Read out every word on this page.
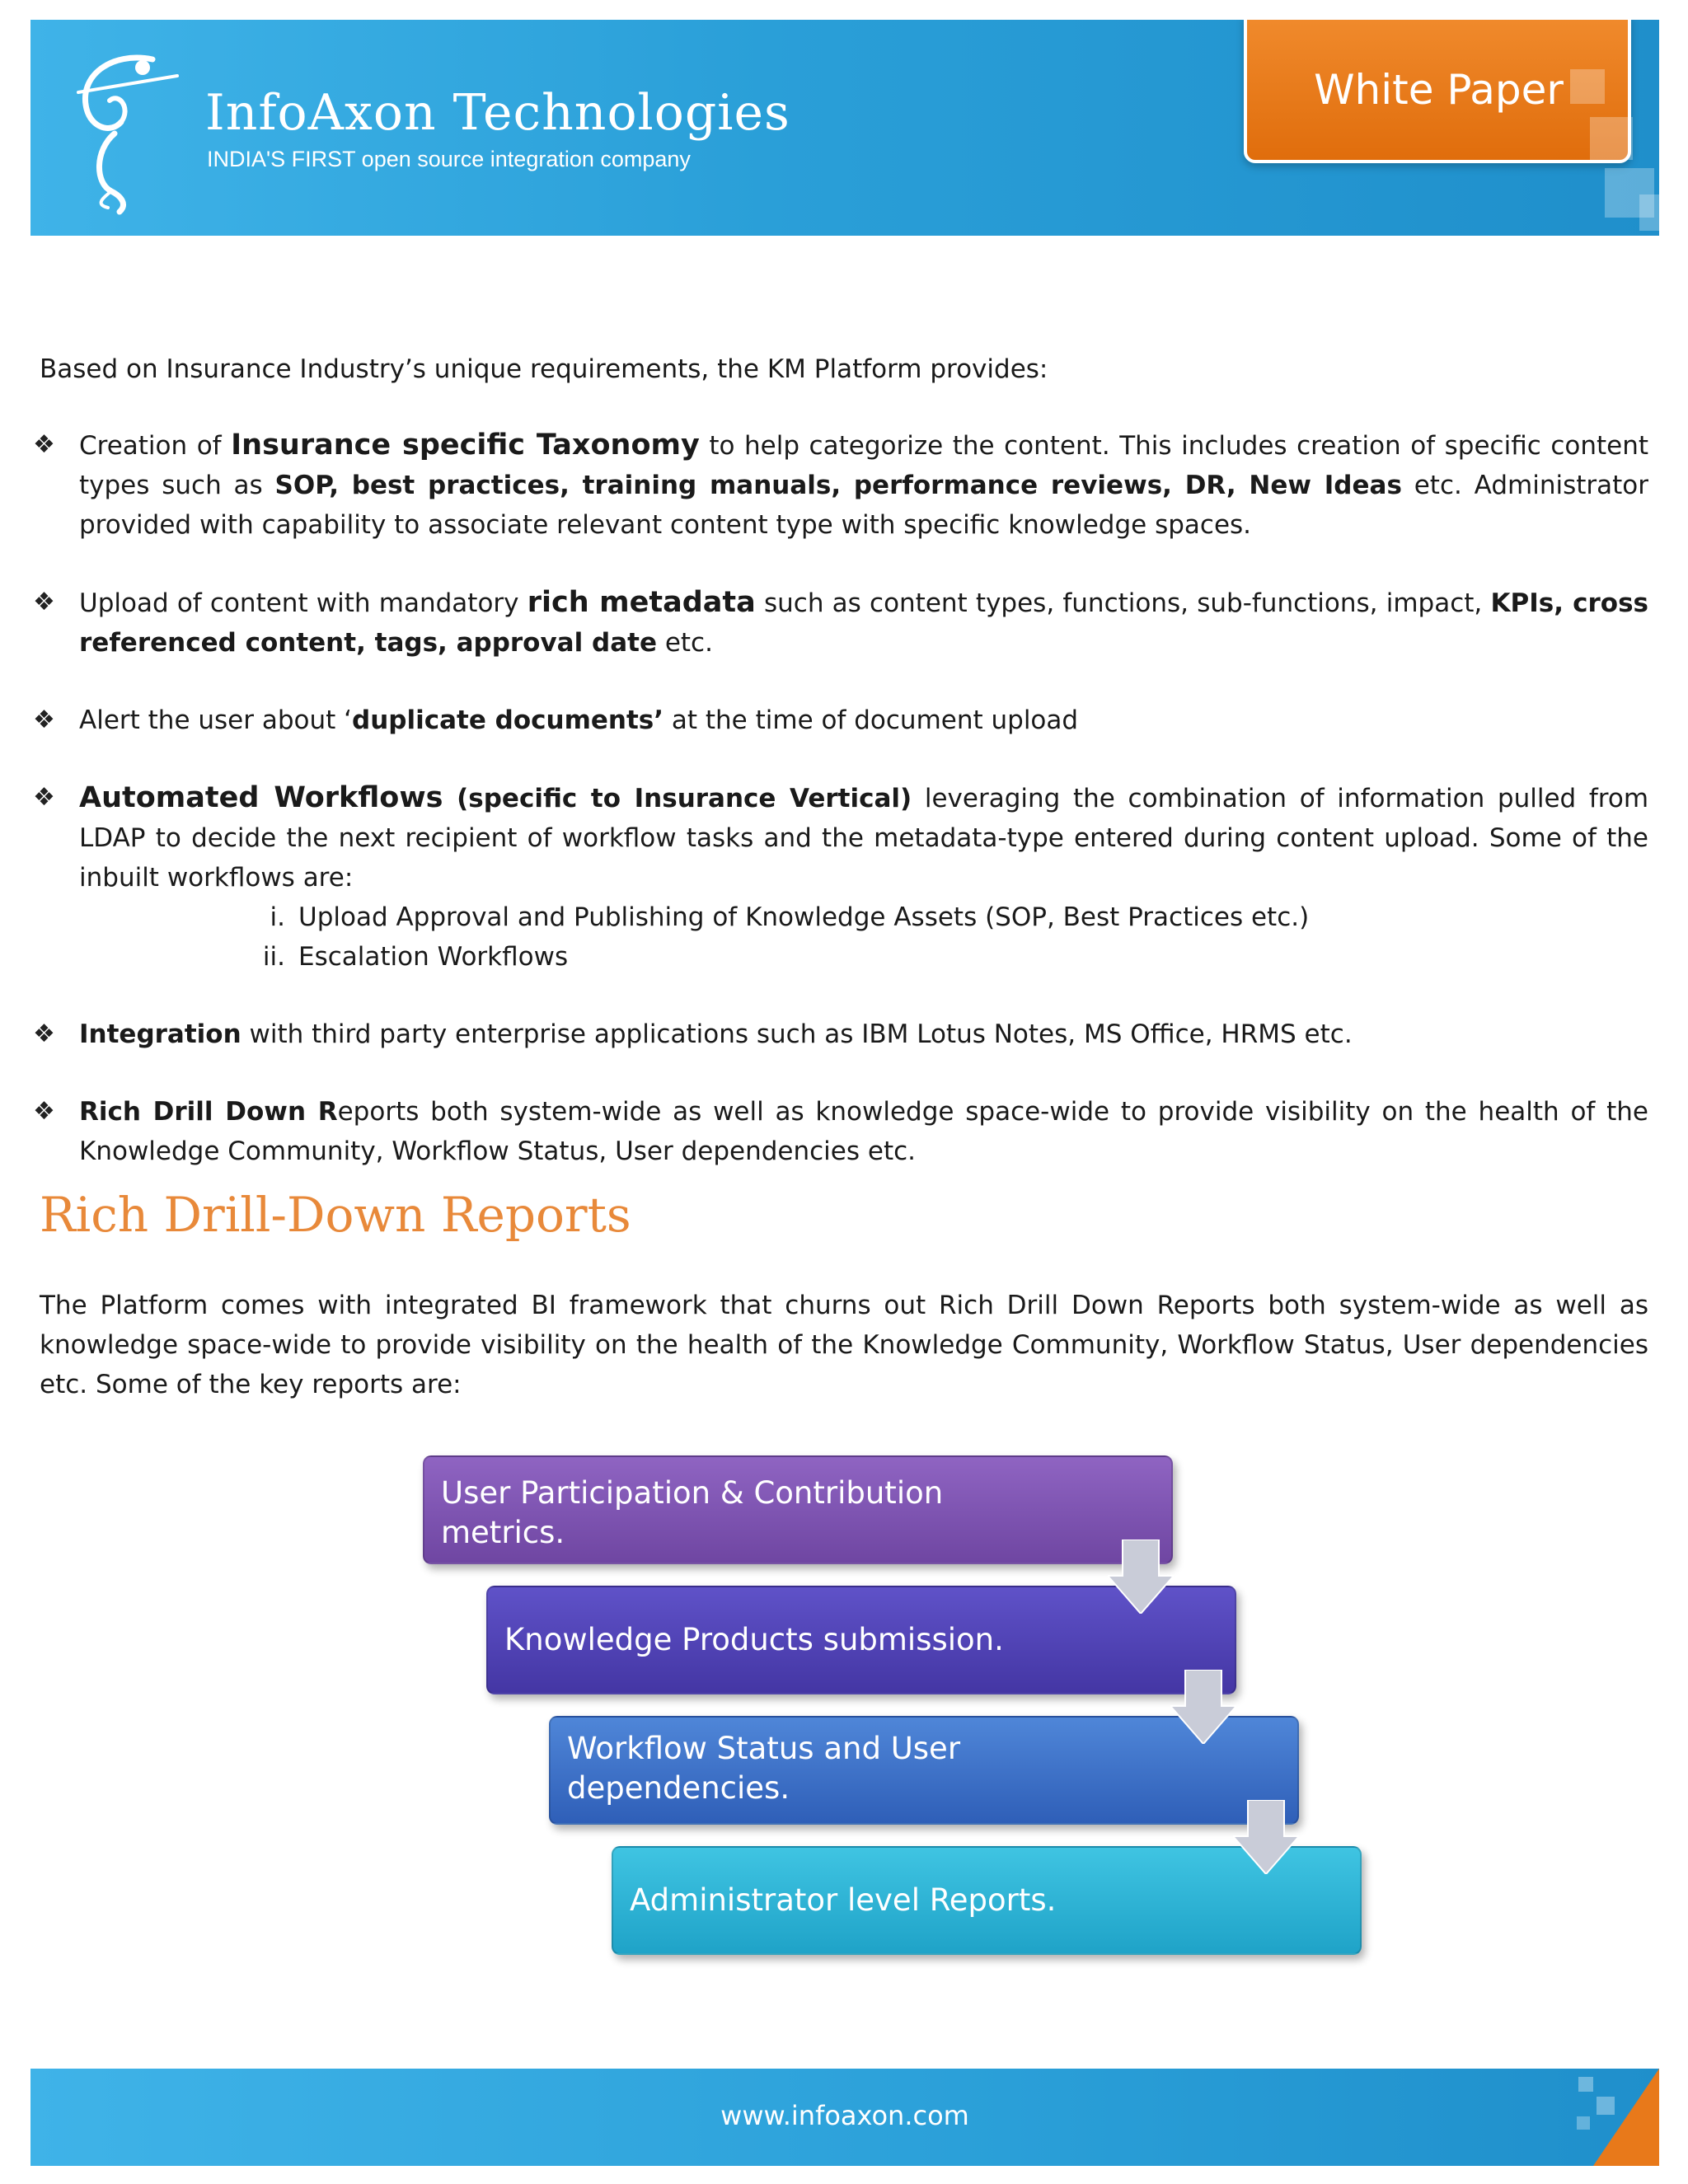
InfoAxon Technologies
INDIA'S FIRST open source integration company
White Paper

Based on Insurance Industry’s unique requirements, the KM Platform provides:

❖ Creation of Insurance specific Taxonomy to help categorize the content. This includes creation of specific content types such as SOP, best practices, training manuals, performance reviews, DR, New Ideas etc. Administrator provided with capability to associate relevant content type with specific knowledge spaces.
❖ Upload of content with mandatory rich metadata such as content types, functions, sub-functions, impact, KPIs, cross referenced content, tags, approval date etc.
❖ Alert the user about ‘duplicate documents’ at the time of document upload
❖ Automated Workflows (specific to Insurance Vertical) leveraging the combination of information pulled from LDAP to decide the next recipient of workflow tasks and the metadata-type entered during content upload. Some of the inbuilt workflows are:
i. Upload Approval and Publishing of Knowledge Assets (SOP, Best Practices etc.)
ii. Escalation Workflows
❖ Integration with third party enterprise applications such as IBM Lotus Notes, MS Office, HRMS etc.
❖ Rich Drill Down Reports both system-wide as well as knowledge space-wide to provide visibility on the health of the Knowledge Community, Workflow Status, User dependencies etc.
Rich Drill-Down Reports
The Platform comes with integrated BI framework that churns out Rich Drill Down Reports both system-wide as well as knowledge space-wide to provide visibility on the health of the Knowledge Community, Workflow Status, User dependencies etc. Some of the key reports are:
User Participation & Contribution metrics.
Knowledge Products submission.
Workflow Status and User dependencies.
Administrator level Reports.
www.infoaxon.com
